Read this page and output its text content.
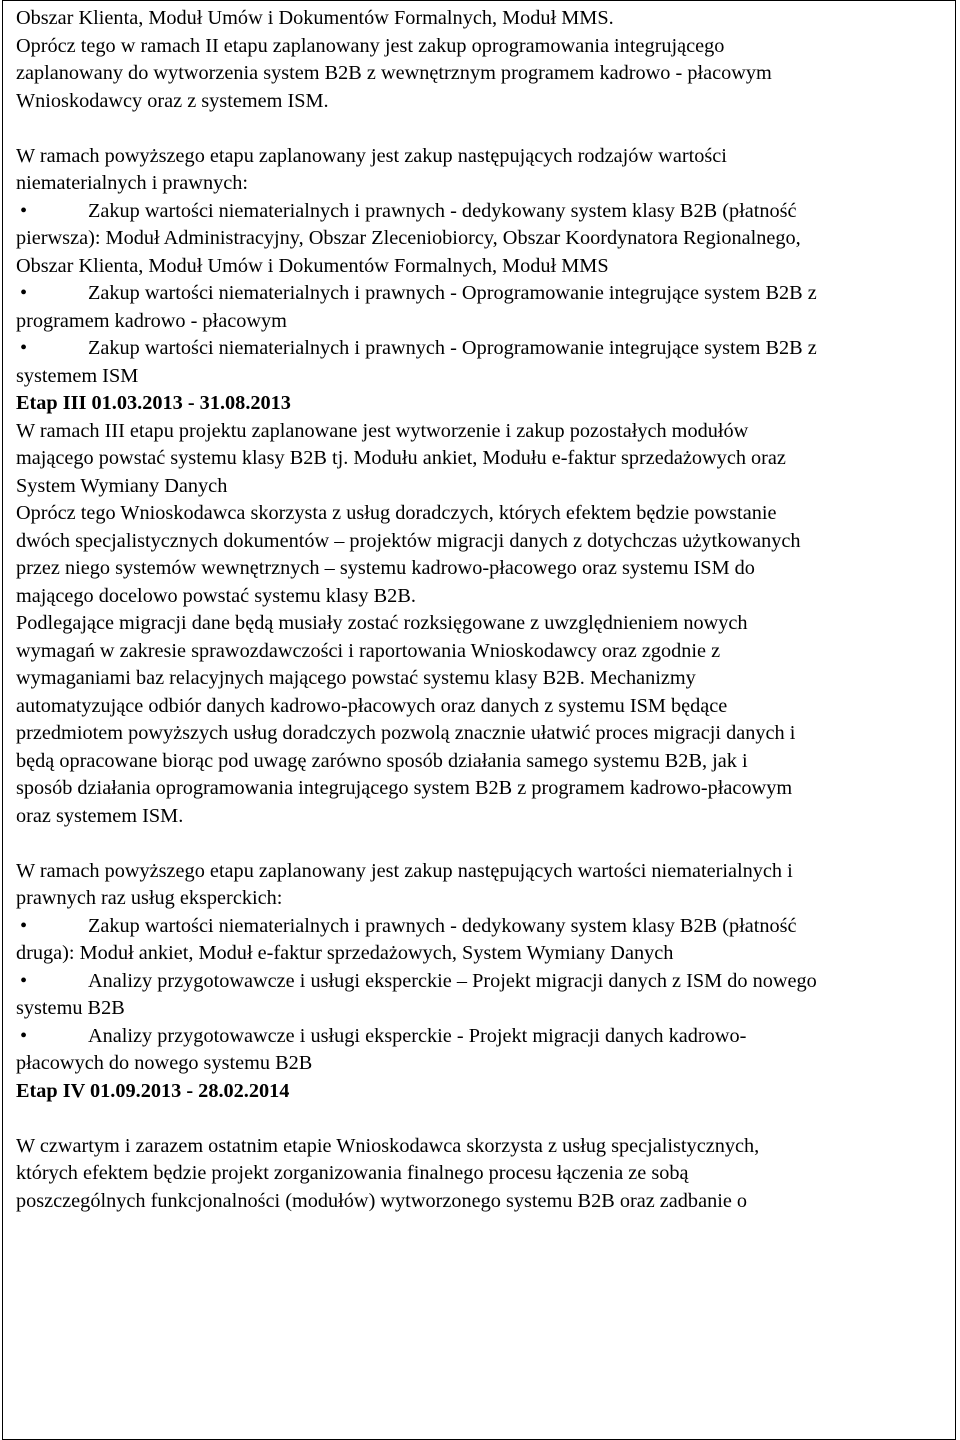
Obszar Klienta, Moduł Umów i Dokumentów Formalnych, Moduł MMS.
Oprócz tego w ramach II etapu zaplanowany jest zakup oprogramowania integrującego
zaplanowany do wytworzenia system B2B z wewnętrznym programem kadrowo - płacowym
Wnioskodawcy oraz z systemem ISM.
W ramach powyższego etapu zaplanowany jest zakup następujących rodzajów wartości
niematerialnych i prawnych:
•	Zakup wartości niematerialnych i prawnych - dedykowany system klasy B2B (płatność
pierwsza): Moduł Administracyjny, Obszar Zleceniobiorcy, Obszar Koordynatora Regionalnego,
Obszar Klienta, Moduł Umów i Dokumentów Formalnych, Moduł MMS
•	Zakup wartości niematerialnych i prawnych - Oprogramowanie integrujące system B2B z
programem kadrowo - płacowym
•	Zakup wartości niematerialnych i prawnych - Oprogramowanie integrujące system B2B z
systemem ISM
Etap III 01.03.2013 - 31.08.2013
W ramach III etapu projektu zaplanowane jest wytworzenie i zakup pozostałych modułów
mającego powstać systemu klasy B2B tj. Modułu ankiet, Modułu e-faktur sprzedażowych oraz
System Wymiany Danych
Oprócz tego Wnioskodawca skorzysta z usług doradczych, których efektem będzie powstanie
dwóch specjalistycznych dokumentów – projektów migracji danych z dotychczas użytkowanych
przez niego systemów wewnętrznych – systemu kadrowo-płacowego oraz systemu ISM do
mającego docelowo powstać systemu klasy B2B.
Podlegające migracji dane będą musiały zostać rozksięgowane z uwzględnieniem nowych
wymagań w zakresie sprawozdawczości i raportowania Wnioskodawcy oraz zgodnie z
wymaganiami baz relacyjnych mającego powstać systemu klasy B2B. Mechanizmy
automatyzujące odbiór danych kadrowo-płacowych oraz danych z systemu ISM będące
przedmiotem powyższych usług doradczych pozwolą znacznie ułatwić proces migracji danych i
będą opracowane biorąc pod uwagę zarówno sposób działania samego systemu B2B, jak i
sposób działania oprogramowania integrującego system B2B z programem kadrowo-płacowym
oraz systemem ISM.
W ramach powyższego etapu zaplanowany jest zakup następujących wartości niematerialnych i
prawnych raz usług eksperckich:
•	Zakup wartości niematerialnych i prawnych - dedykowany system klasy B2B (płatność
druga): Moduł ankiet, Moduł e-faktur sprzedażowych, System Wymiany Danych
•	Analizy przygotowawcze i usługi eksperckie – Projekt migracji danych z ISM do nowego
systemu B2B
•	Analizy przygotowawcze i usługi eksperckie - Projekt migracji danych kadrowo-
płacowych do nowego systemu B2B
Etap IV 01.09.2013 - 28.02.2014
W czwartym i zarazem ostatnim etapie Wnioskodawca skorzysta z usług specjalistycznych,
których efektem będzie projekt zorganizowania finalnego procesu łączenia ze sobą
poszczególnych funkcjonalności (modułów) wytworzonego systemu B2B oraz zadbanie o
